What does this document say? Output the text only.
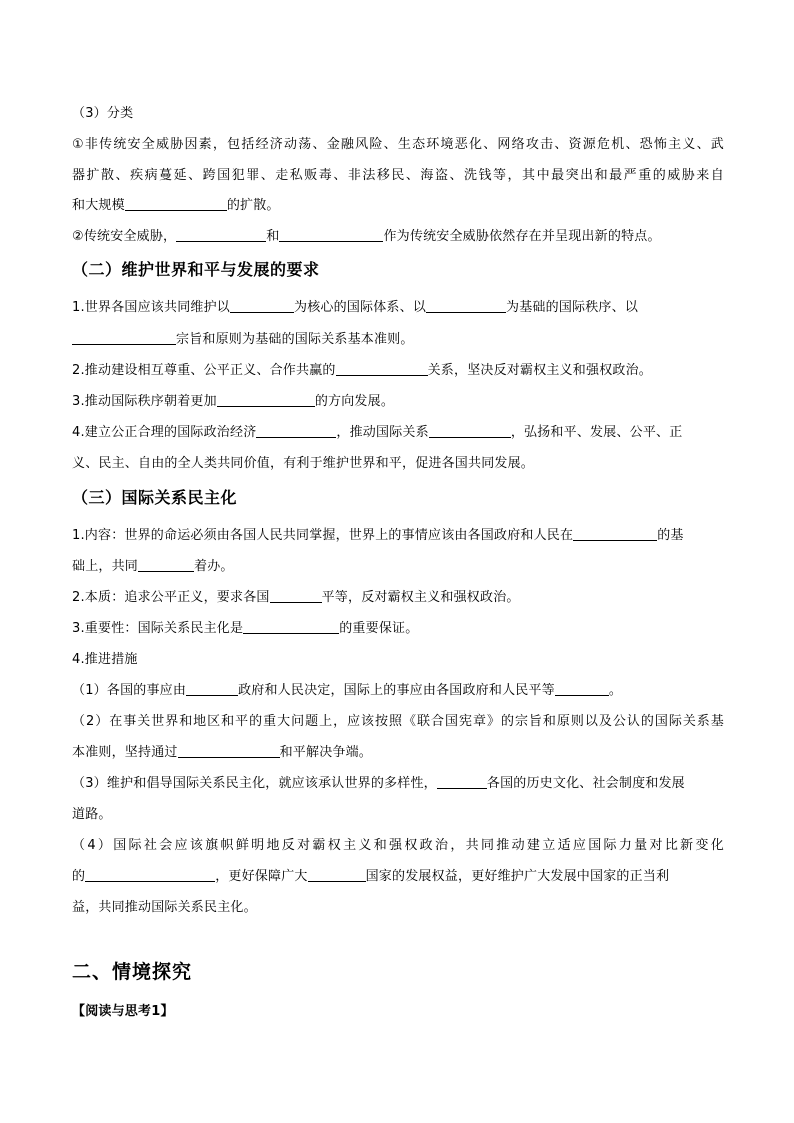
（3）分类
①非传统安全威胁因素，包括经济动荡、金融风险、生态环境恶化、网络攻击、资源危机、恐怖主义、武
器扩散、疾病蔓延、跨国犯罪、走私贩毒、非法移民、海盗、洗钱等，其中最突出和最严重的威胁来自
和大规模	的扩散。
②传统安全威胁，	和	作为传统安全威胁依然存在并呈现出新的特点。
（二）维护世界和平与发展的要求
1.世界各国应该共同维护以	为核心的国际体系、以	为基础的国际秩序、以
宗旨和原则为基础的国际关系基本准则。
2.推动建设相互尊重、公平正义、合作共赢的	关系，坚决反对霸权主义和强权政治。
3.推动国际秩序朝着更加	的方向发展。
4.建立公正合理的国际政治经济	，推动国际关系	，弘扬和平、发展、公平、正
义、民主、自由的全人类共同价值，有利于维护世界和平，促进各国共同发展。
（三）国际关系民主化
1.内容：世界的命运必须由各国人民共同掌握，世界上的事情应该由各国政府和人民在	的基
础上，共同	着办。
2.本质：追求公平正义，要求各国	平等，反对霸权主义和强权政治。
3.重要性：国际关系民主化是	的重要保证。
4.推进措施
（1）各国的事应由	政府和人民决定，国际上的事应由各国政府和人民平等	。
（2）在事关世界和地区和平的重大问题上，应该按照《联合国宪章》的宗旨和原则以及公认的国际关系基
本准则，坚持通过	和平解决争端。
（3）维护和倡导国际关系民主化，就应该承认世界的多样性，	各国的历史文化、社会制度和发展
道路。
（4）国际社会应该旗帜鲜明地反对霸权主义和强权政治，共同推动建立适应国际力量对比新变化
的	，更好保障广大	国家的发展权益，更好维护广大发展中国家的正当利
益，共同推动国际关系民主化。
二、情境探究
【阅读与思考1】
